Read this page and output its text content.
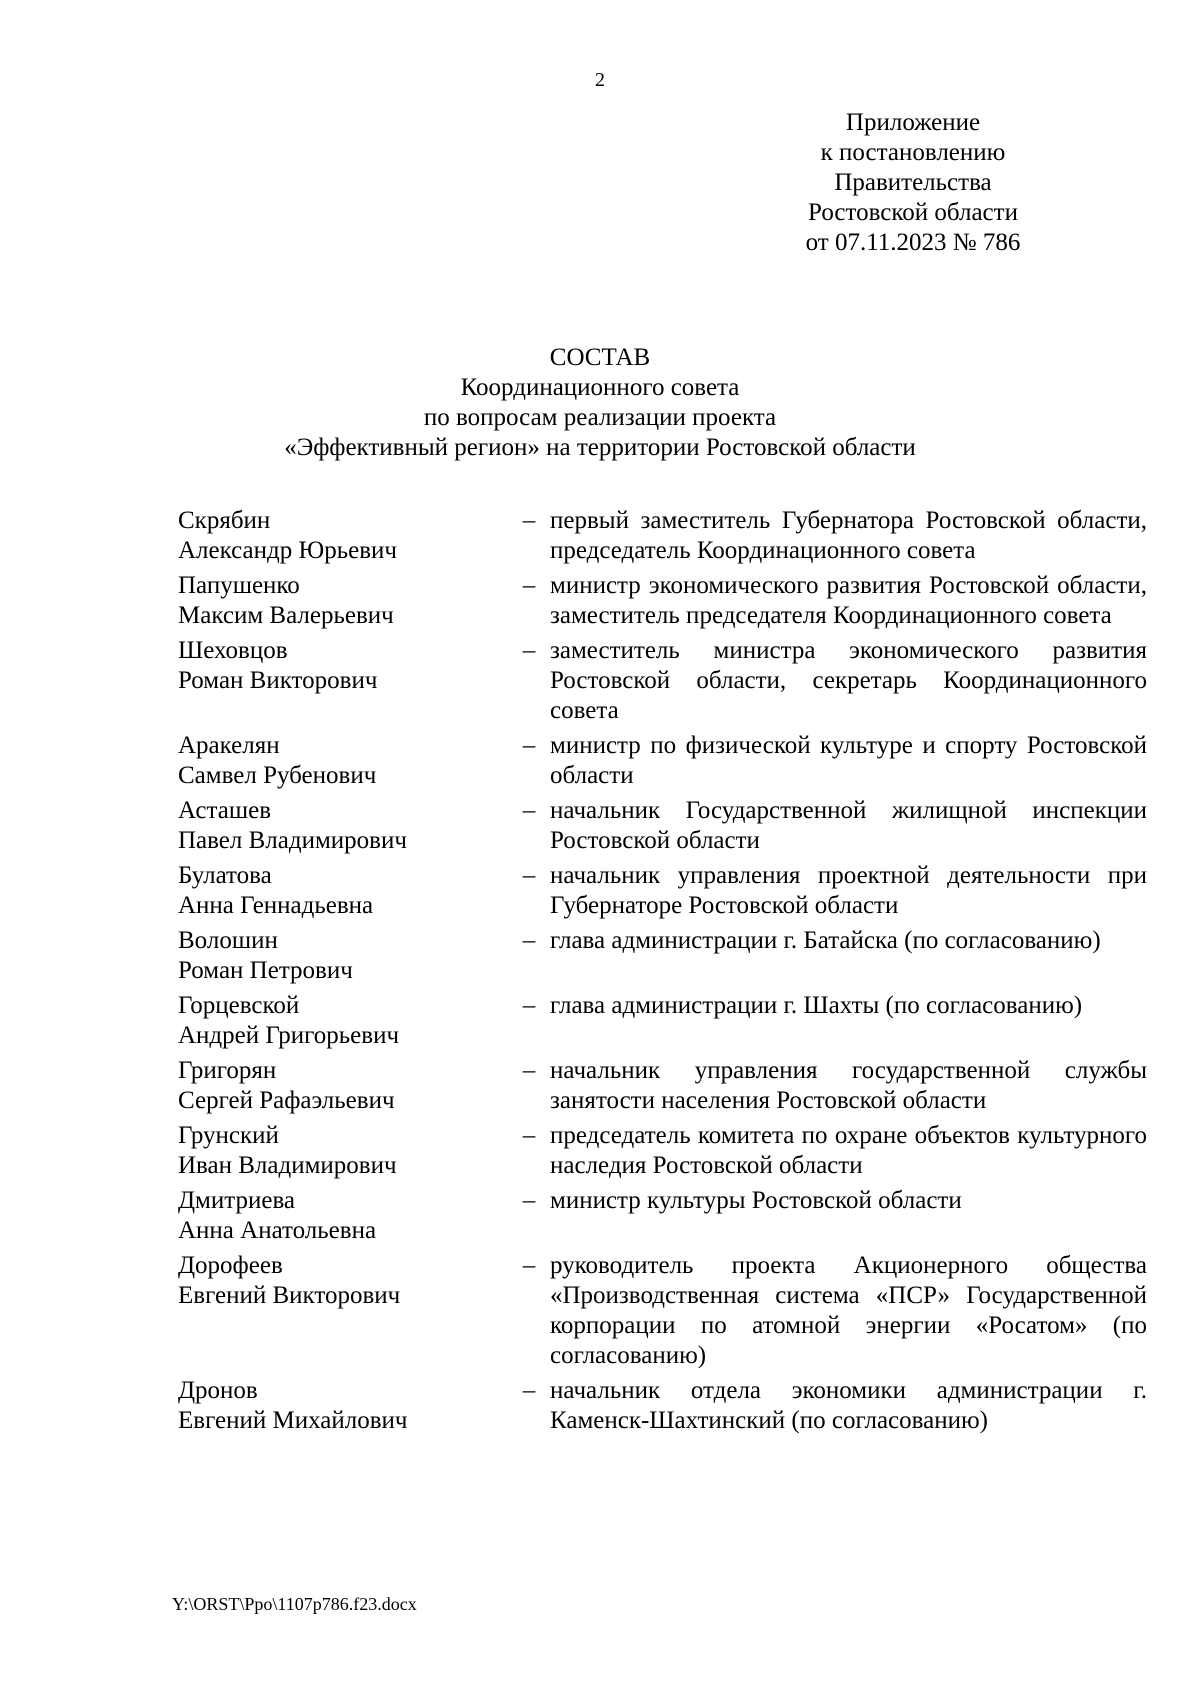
2
Приложение
к постановлению
Правительства
Ростовской области
от 07.11.2023 № 786
СОСТАВ
Координационного совета
по вопросам реализации проекта
«Эффективный регион» на территории Ростовской области
Скрябин
Александр Юрьевич
– первый заместитель Губернатора Ростовской области, председатель Координационного совета
Папушенко
Максим Валерьевич
– министр экономического развития Ростовской области, заместитель председателя Координационного совета
Шеховцов
Роман Викторович
– заместитель министра экономического развития Ростовской области, секретарь Координационного совета
Аракелян
Самвел Рубенович
– министр по физической культуре и спорту Ростовской области
Асташев
Павел Владимирович
– начальник Государственной жилищной инспекции Ростовской области
Булатова
Анна Геннадьевна
– начальник управления проектной деятельности при Губернаторе Ростовской области
Волошин
Роман Петрович
– глава администрации г. Батайска (по согласованию)
Горцевской
Андрей Григорьевич
– глава администрации г. Шахты (по согласованию)
Григорян
Сергей Рафаэльевич
– начальник управления государственной службы занятости населения Ростовской области
Грунский
Иван Владимирович
– председатель комитета по охране объектов культурного наследия Ростовской области
Дмитриева
Анна Анатольевна
– министр культуры Ростовской области
Дорофеев
Евгений Викторович
– руководитель проекта Акционерного общества «Производственная система «ПСР» Государственной корпорации по атомной энергии «Росатом» (по согласованию)
Дронов
Евгений Михайлович
– начальник отдела экономики администрации г. Каменск-Шахтинский (по согласованию)
Y:\ORST\Ppo\1107p786.f23.docx
